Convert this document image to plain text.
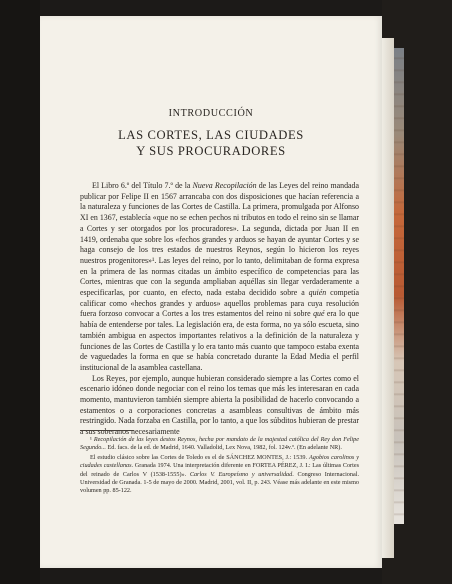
INTRODUCCIÓN
LAS CORTES, LAS CIUDADES
Y SUS PROCURADORES

El Libro 6.º del Título 7.º de la Nueva Recopilación de las Leyes del reino mandada publicar por Felipe II en 1567 arrancaba con dos disposiciones que hacían referencia a la naturaleza y funciones de las Cortes de Castilla. La primera, promulgada por Alfonso XI en 1367, establecía «que no se echen pechos ni tributos en todo el reino sin se llamar a Cortes y ser otorgados por los procuradores». La segunda, dictada por Juan II en 1419, ordenaba que sobre los «fechos grandes y arduos se hayan de ayuntar Cortes y se haga consejo de los tres estados de nuestros Reynos, según lo hicieron los reyes nuestros progenitores»¹. Las leyes del reino, por lo tanto, delimitaban de forma expresa en la primera de las normas citadas un ámbito específico de competencias para las Cortes, mientras que con la segunda ampliaban aquéllas sin llegar verdaderamente a especificarlas, por cuanto, en efecto, nada estaba decidido sobre a quién competía calificar como «hechos grandes y arduos» aquellos problemas para cuya resolución fuera forzoso convocar a Cortes a los tres estamentos del reino ni sobre qué era lo que había de entenderse por tales. La legislación era, de esta forma, no ya sólo escueta, sino también ambigua en aspectos importantes relativos a la definición de la naturaleza y funciones de las Cortes de Castilla y lo era tanto más cuanto que tampoco estaba exenta de vaguedades la forma en que se había concretado durante la Edad Media el perfil institucional de la asamblea castellana.

Los Reyes, por ejemplo, aunque hubieran considerado siempre a las Cortes como el escenario idóneo donde negociar con el reino los temas que más les interesaran en cada momento, mantuvieron también siempre abierta la posibilidad de hacerlo convocando a estamentos o a corporaciones concretas a asambleas consultivas de ámbito más restringido. Nada forzaba en Castilla, por lo tanto, a que los súbditos hubieran de prestar a sus soberanos necesariamente

¹ Recopilación de las leyes destos Reynos, hecha por mandato de la majestad católica del Rey don Felipe Segundo... Ed. facs. de la ed. de Madrid, 1640. Valladolid, Lex Nova, 1982, fol. 124v.º. (En adelante NR).

El estudio clásico sobre las Cortes de Toledo es el de SÁNCHEZ MONTES, J.: 1539. Agobios carolinos y ciudades castellanas. Granada 1974. Una interpretación diferente en FORTEA PÉREZ, J. I.: Las últimas Cortes del reinado de Carlos V (1538-1555)». Carlos V. Europeísmo y universalidad. Congreso Internacional. Universidad de Granada. 1-5 de mayo de 2000. Madrid, 2001, vol. II, p. 243. Véase más adelante en este mismo volumen pp. 85-122.
